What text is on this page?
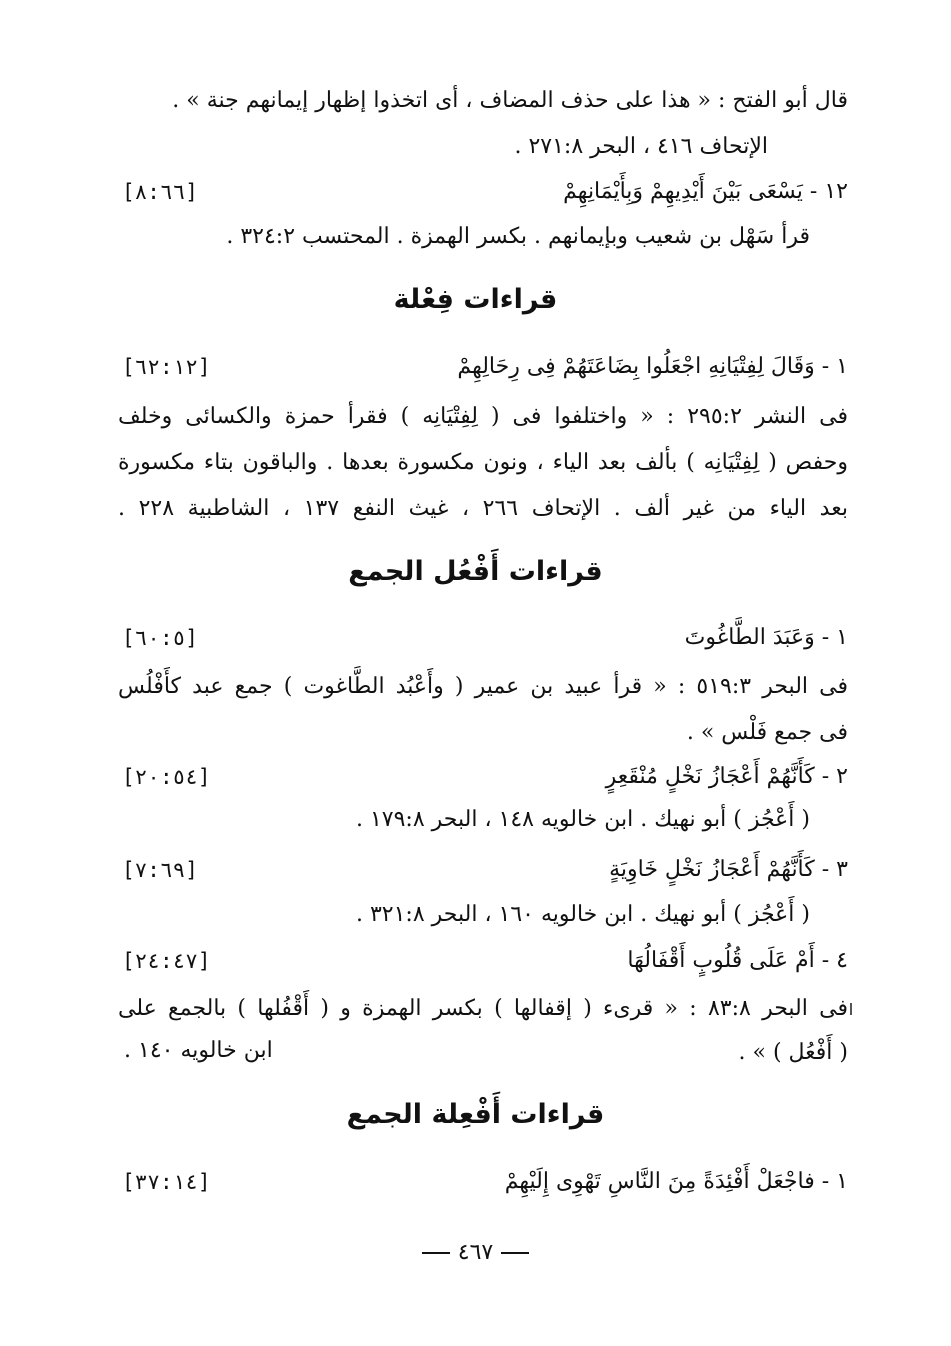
قال أبو الفتح : « هذا على حذف المضاف ، أى اتخذوا إظهار إيمانهم جنة » .
الإتحاف ٤١٦ ، البحر ٢٧١:٨ .
١٢ - يَسْعَى بَيْنَ أَيْدِيهِمْ وَبِأَيْمَانِهِمْ
[٨:٦٦]
قرأ سَهْل بن شعيب وبإيمانهم . بكسر الهمزة . المحتسب ٣٢٤:٢ .
قراءات فِعْلة
١ - وَقَالَ لِفِتْيَانِهِ اجْعَلُوا بِضَاعَتَهُمْ فِى رِحَالِهِمْ
[٦٢:١٢]
فى النشر ٢٩٥:٢ : « واختلفوا فى ( لِفِتْيَانِه ) فقرأ حمزة والكسائى وخلف
وحفص ( لِفِتْيَانِه ) بألف بعد الياء ، ونون مكسورة بعدها . والباقون بتاء مكسورة
بعد الياء من غير ألف . الإتحاف ٢٦٦ ، غيث النفع ١٣٧ ، الشاطبية ٢٢٨ .
قراءات أَفْعُل الجمع
١ - وَعَبَدَ الطَّاغُوتَ
[٦٠:٥]
فى البحر ٥١٩:٣ : « قرأ عبيد بن عمير ( وأَعْبُد الطَّاغوت ) جمع عبد كأَفْلُس
فى جمع فَلْس » .
٢ - كَأَنَّهُمْ أَعْجَازُ نَخْلٍ مُنْقَعِرٍ
[٢٠:٥٤]
( أَعْجُز ) أبو نهيك . ابن خالويه ١٤٨ ، البحر ١٧٩:٨ .
٣ - كَأَنَّهُمْ أَعْجَازُ نَخْلٍ خَاوِيَةٍ
[٧:٦٩]
( أَعْجُز ) أبو نهيك . ابن خالويه ١٦٠ ، البحر ٣٢١:٨ .
٤ - أَمْ عَلَى قُلُوبٍ أَقْفَالُهَا
[٢٤:٤٧]
فى البحر ٨٣:٨ : « قرىء ( إقفالها ) بكسر الهمزة و ( أَقْفُلها ) بالجمع على
( أَفْعُل ) » .
ابن خالويه ١٤٠ .
قراءات أَفْعِلة الجمع
١ - فاجْعَلْ أَفْئِدَةً مِنَ النَّاسِ تَهْوِى إِلَيْهِمْ
[٣٧:١٤]
٤٦٧
